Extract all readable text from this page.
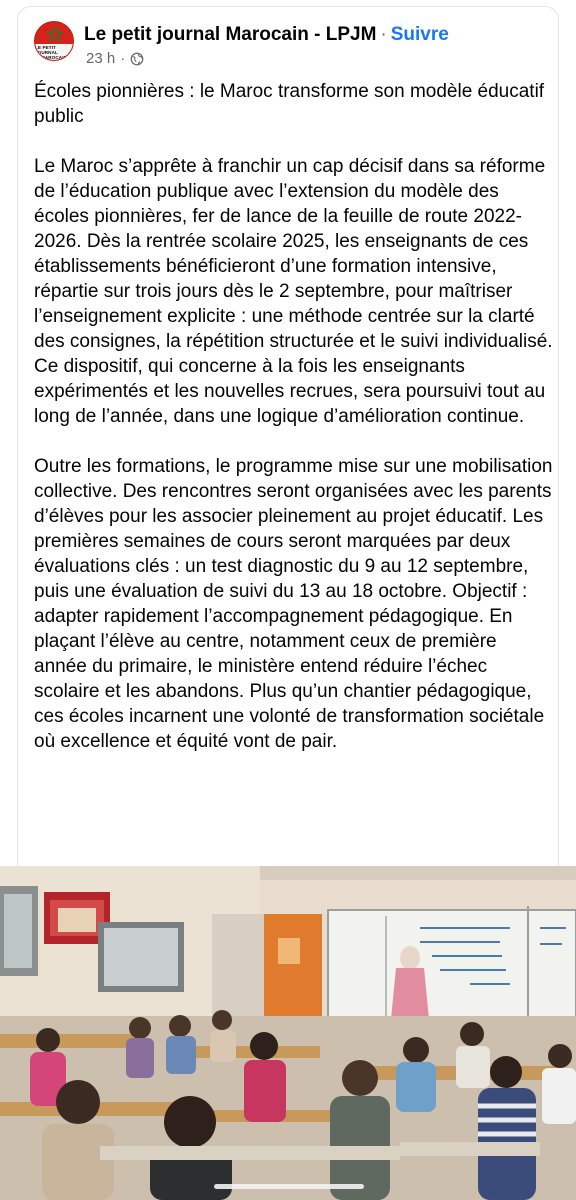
LE PETIT JOURNAL
MAROCAIN
Le petit journal Marocain - LPJM · Suivre
23 h ·

Écoles pionnières : le Maroc transforme son modèle éducatif public

Le Maroc s’apprête à franchir un cap décisif dans sa réforme de l’éducation publique avec l’extension du modèle des écoles pionnières, fer de lance de la feuille de route 2022-2026. Dès la rentrée scolaire 2025, les enseignants de ces établissements bénéficieront d’une formation intensive, répartie sur trois jours dès le 2 septembre, pour maîtriser l’enseignement explicite : une méthode centrée sur la clarté des consignes, la répétition structurée et le suivi individualisé. Ce dispositif, qui concerne à la fois les enseignants expérimentés et les nouvelles recrues, sera poursuivi tout au long de l’année, dans une logique d’amélioration continue.

Outre les formations, le programme mise sur une mobilisation collective. Des rencontres seront organisées avec les parents d’élèves pour les associer pleinement au projet éducatif. Les premières semaines de cours seront marquées par deux évaluations clés : un test diagnostic du 9 au 12 septembre, puis une évaluation de suivi du 13 au 18 octobre. Objectif : adapter rapidement l’accompagnement pédagogique. En plaçant l’élève au centre, notamment ceux de première année du primaire, le ministère entend réduire l’échec scolaire et les abandons. Plus qu’un chantier pédagogique, ces écoles incarnent une volonté de transformation sociétale où excellence et équité vont de pair.
